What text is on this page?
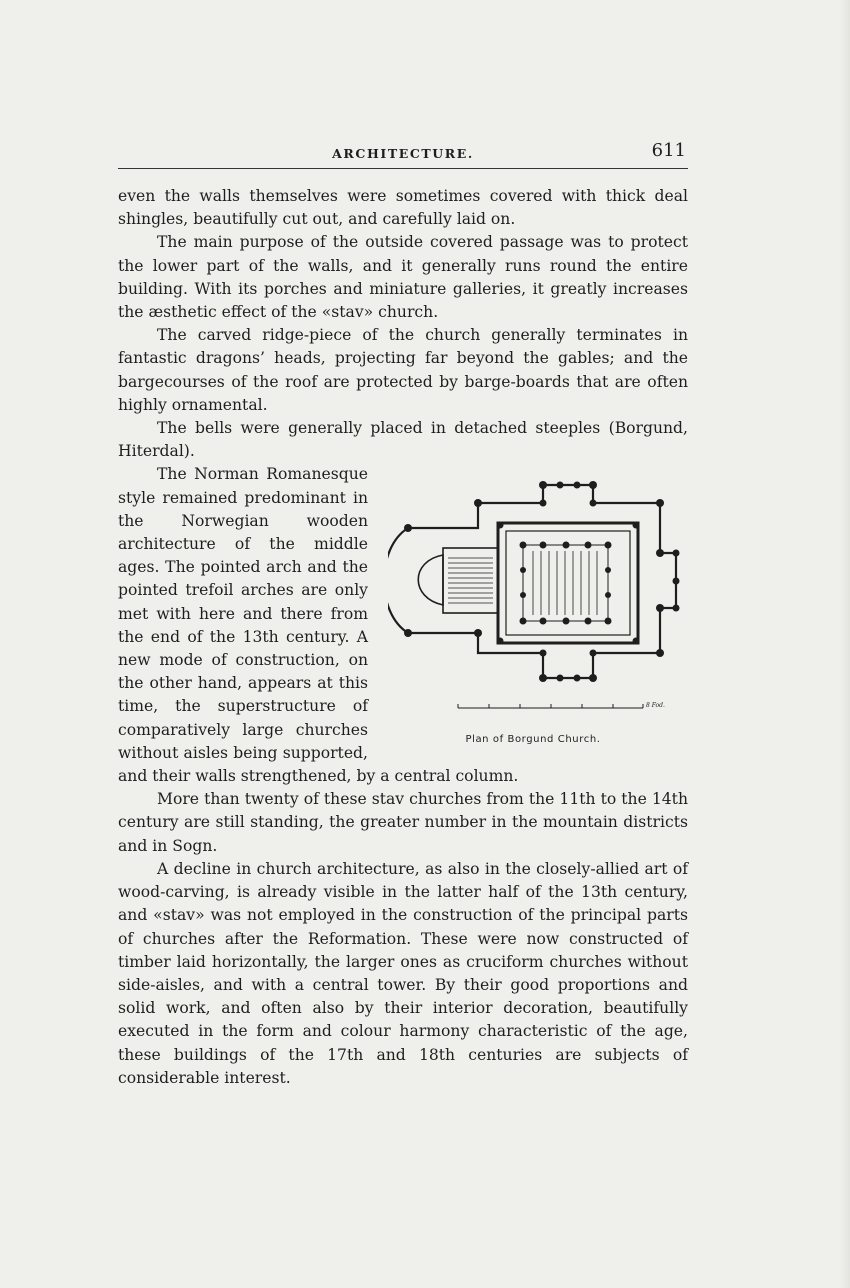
ARCHITECTURE.	611

even the walls themselves were sometimes covered with thick deal shingles, beautifully cut out, and carefully laid on.

The main purpose of the outside covered passage was to protect the lower part of the walls, and it generally runs round the entire building. With its porches and miniature galleries, it greatly increases the æsthetic effect of the «stav» church.

The carved ridge-piece of the church generally terminates in fantastic dragons’ heads, projecting far beyond the gables; and the bargecourses of the roof are protected by barge-boards that are often highly ornamental.

The bells were generally placed in detached steeples (Borgund, Hiterdal).

8 Fod.
Plan of Borgund Church.

The Norman Romanesque style remained predominant in the Norwegian wooden architecture of the middle ages. The pointed arch and the pointed trefoil arches are only met with here and there from the end of the 13th century. A new mode of construction, on the other hand, appears at this time, the superstructure of comparatively large churches without aisles being supported, and their walls strengthened, by a central column.

More than twenty of these stav churches from the 11th to the 14th century are still standing, the greater number in the mountain districts and in Sogn.

A decline in church architecture, as also in the closely-allied art of wood-carving, is already visible in the latter half of the 13th century, and «stav» was not employed in the construction of the principal parts of churches after the Reformation. These were now constructed of timber laid horizontally, the larger ones as cruciform churches without side-aisles, and with a central tower. By their good proportions and solid work, and often also by their interior decoration, beautifully executed in the form and colour harmony characteristic of the age, these buildings of the 17th and 18th centuries are subjects of considerable interest.
